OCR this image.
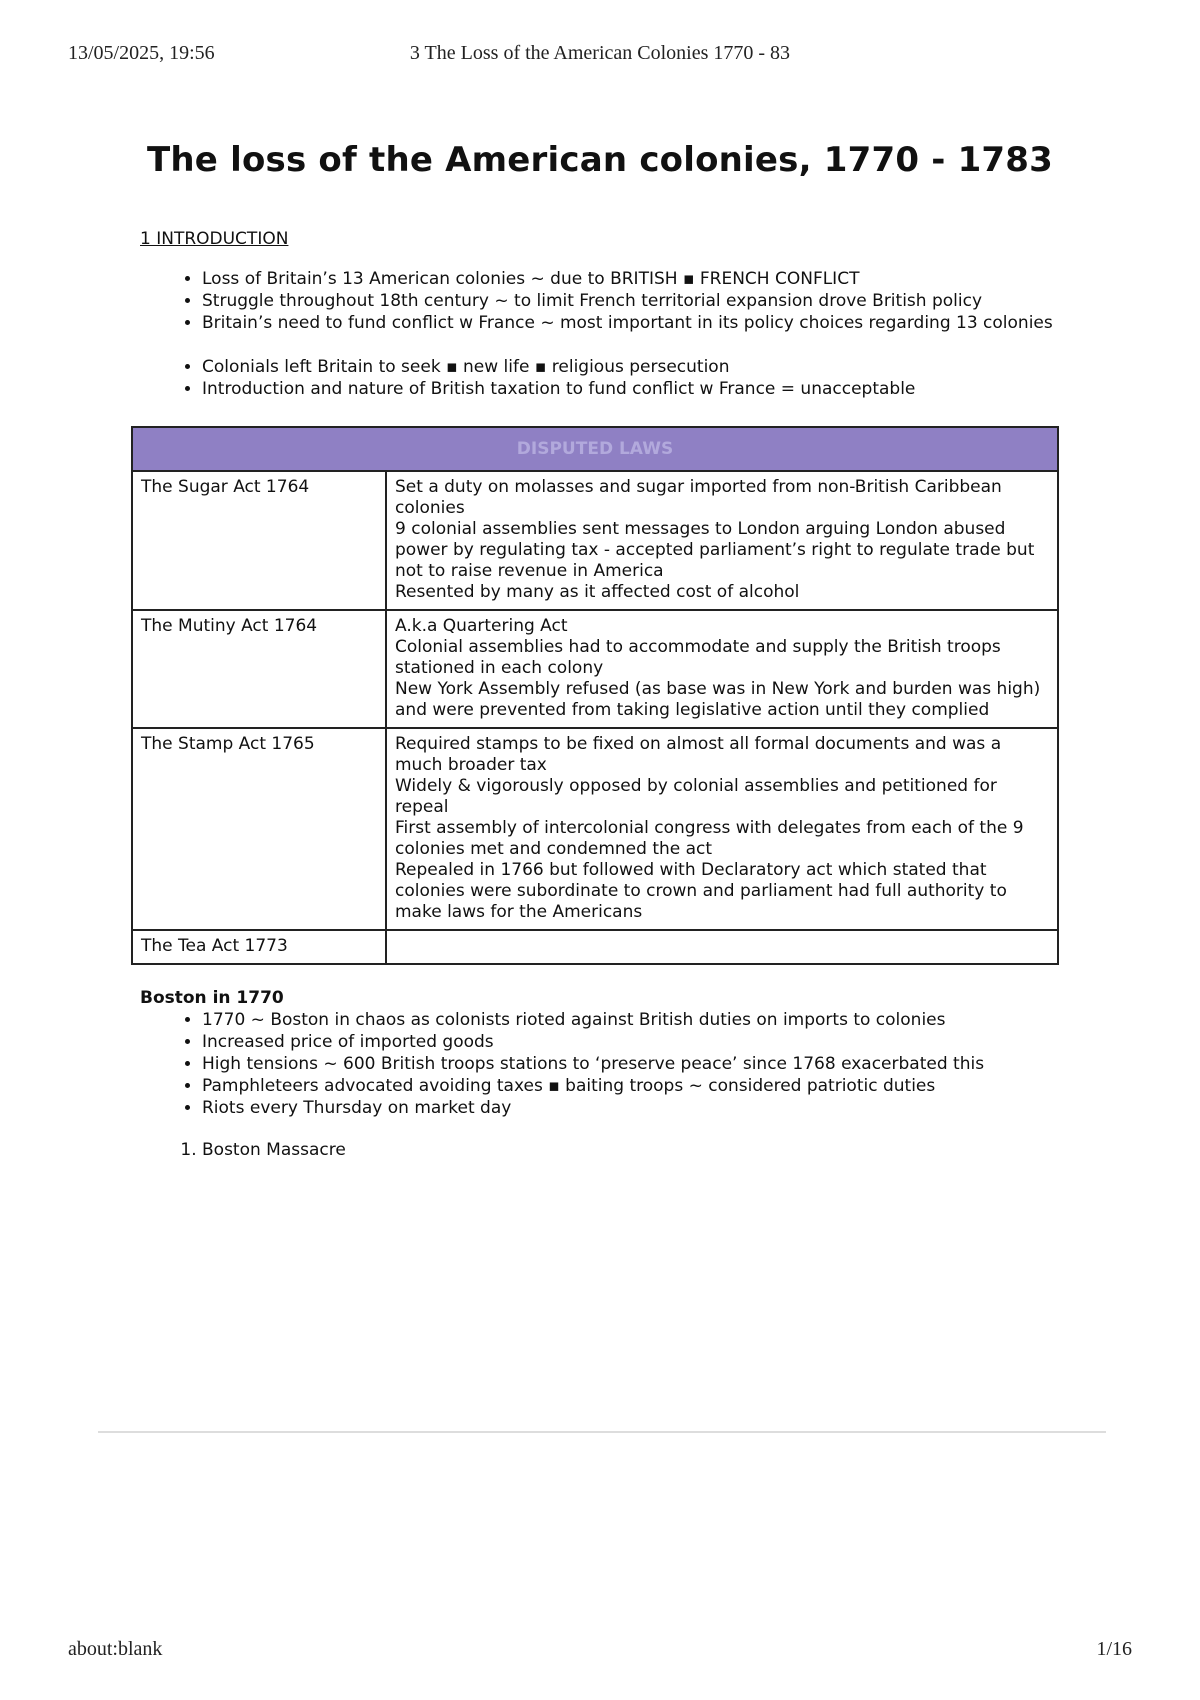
13/05/2025, 19:56	3 The Loss of the American Colonies 1770 - 83
The loss of the American colonies, 1770 - 1783

1 INTRODUCTION

• Loss of Britain’s 13 American colonies ~ due to BRITISH ▪ FRENCH CONFLICT
• Struggle throughout 18th century ~ to limit French territorial expansion drove British policy
• Britain’s need to fund conflict w France ~ most important in its policy choices regarding 13 colonies
• Colonials left Britain to seek ▪ new life ▪ religious persecution
• Introduction and nature of British taxation to fund conflict w France = unacceptable
DISPUTED LAWS	
The Sugar Act 1764	Set a duty on molasses and sugar imported from non-British Caribbean colonies

9 colonial assemblies sent messages to London arguing London abused power by regulating tax - accepted parliament’s right to regulate trade but not to raise revenue in America

Resented by many as it affected cost of alcohol

The Mutiny Act 1764	A.k.a Quartering Act

Colonial assemblies had to accommodate and supply the British troops stationed in each colony

New York Assembly refused (as base was in New York and burden was high) and were prevented from taking legislative action until they complied

The Stamp Act 1765	Required stamps to be fixed on almost all formal documents and was a much broader tax

Widely & vigorously opposed by colonial assemblies and petitioned for repeal

First assembly of intercolonial congress with delegates from each of the 9 colonies met and condemned the act

Repealed in 1766 but followed with Declaratory act which stated that colonies were subordinate to crown and parliament had full authority to make laws for the Americans

The Tea Act 1773	

Boston in 1770

• 1770 ~ Boston in chaos as colonists rioted against British duties on imports to colonies
• Increased price of imported goods
• High tensions ~ 600 British troops stations to ‘preserve peace’ since 1768 exacerbated this
• Pamphleteers advocated avoiding taxes ▪ baiting troops ~ considered patriotic duties
• Riots every Thursday on market day
1. Boston Massacre
about:blank	1/16
